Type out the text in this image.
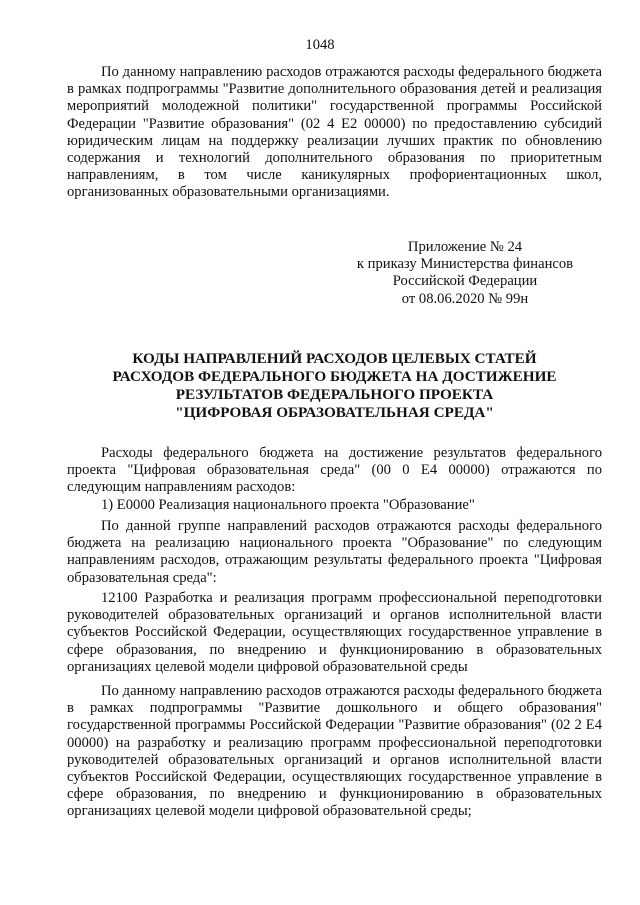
1048

По данному направлению расходов отражаются расходы федерального бюджета в рамках подпрограммы "Развитие дополнительного образования детей и реализация мероприятий молодежной политики" государственной программы Российской Федерации "Развитие образования" (02 4 Е2 00000) по предоставлению субсидий юридическим лицам на поддержку реализации лучших практик по обновлению содержания и технологий дополнительного образования по приоритетным направлениям, в том числе каникулярных профориентационных школ, организованных образовательными организациями.

Приложение № 24
к приказу Министерства финансов
Российской Федерации
от 08.06.2020 № 99н
КОДЫ НАПРАВЛЕНИЙ РАСХОДОВ ЦЕЛЕВЫХ СТАТЕЙ
РАСХОДОВ ФЕДЕРАЛЬНОГО БЮДЖЕТА НА ДОСТИЖЕНИЕ
РЕЗУЛЬТАТОВ ФЕДЕРАЛЬНОГО ПРОЕКТА
"ЦИФРОВАЯ ОБРАЗОВАТЕЛЬНАЯ СРЕДА"

Расходы федерального бюджета на достижение результатов федерального проекта "Цифровая образовательная среда" (00 0 Е4 00000) отражаются по следующим направлениям расходов:

1) Е0000 Реализация национального проекта "Образование"

По данной группе направлений расходов отражаются расходы федерального бюджета на реализацию национального проекта "Образование" по следующим направлениям расходов, отражающим результаты федерального проекта "Цифровая образовательная среда":

12100 Разработка и реализация программ профессиональной переподготовки руководителей образовательных организаций и органов исполнительной власти субъектов Российской Федерации, осуществляющих государственное управление в сфере образования, по внедрению и функционированию в образовательных организациях целевой модели цифровой образовательной среды

По данному направлению расходов отражаются расходы федерального бюджета в рамках подпрограммы "Развитие дошкольного и общего образования" государственной программы Российской Федерации "Развитие образования" (02 2 Е4 00000) на разработку и реализацию программ профессиональной переподготовки руководителей образовательных организаций и органов исполнительной власти субъектов Российской Федерации, осуществляющих государственное управление в сфере образования, по внедрению и функционированию в образовательных организациях целевой модели цифровой образовательной среды;
